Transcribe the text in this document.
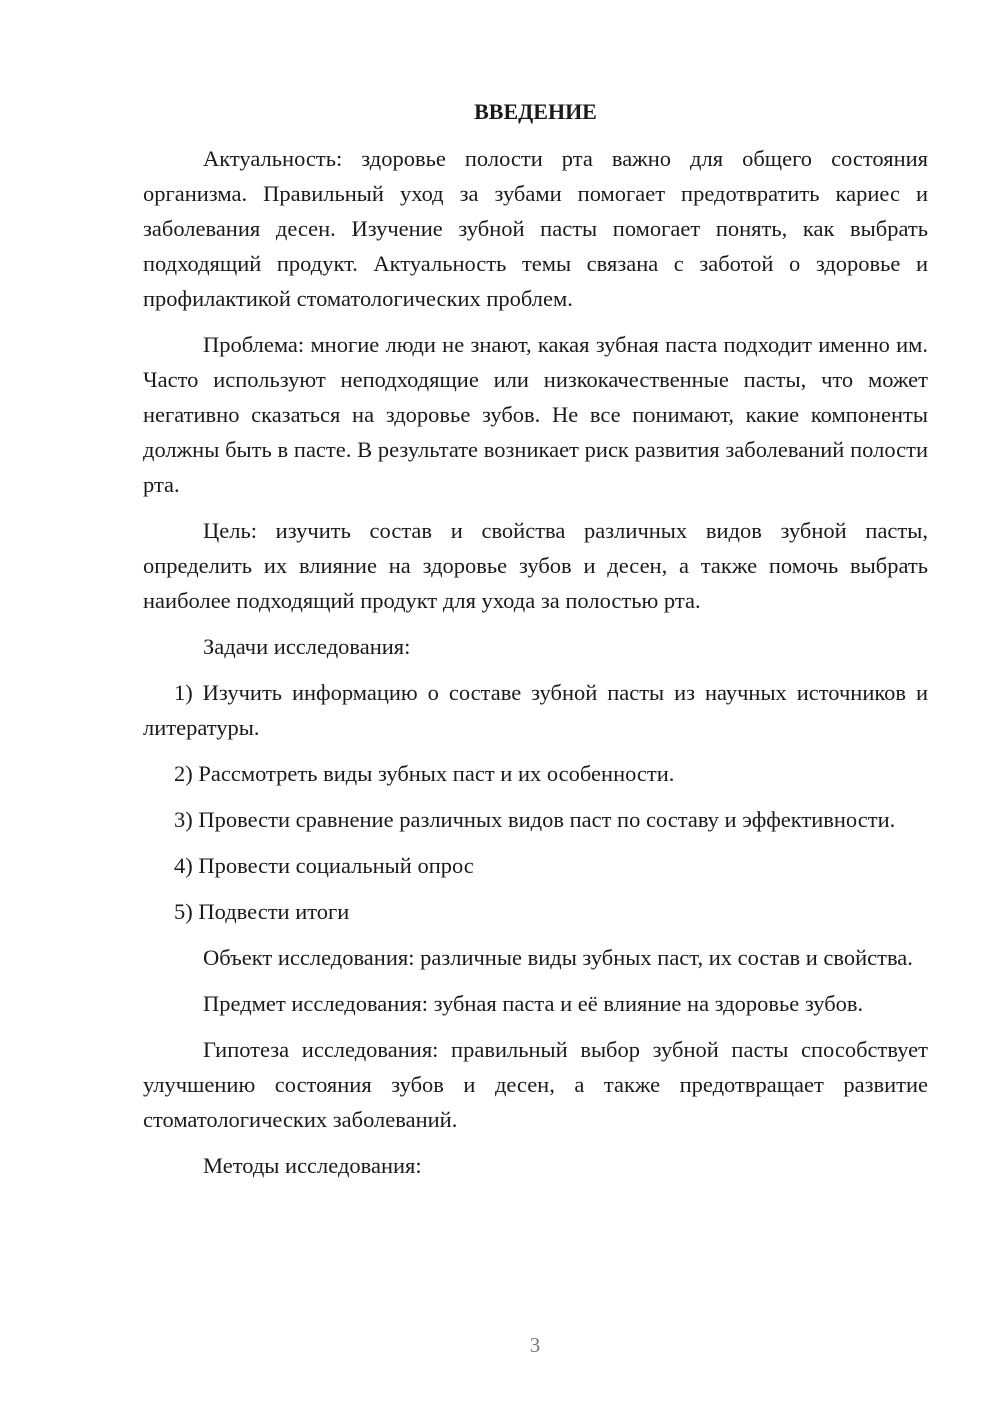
ВВЕДЕНИЕ

Актуальность: здоровье полости рта важно для общего состояния организма. Правильный уход за зубами помогает предотвратить кариес и заболевания десен. Изучение зубной пасты помогает понять, как выбрать подходящий продукт. Актуальность темы связана с заботой о здоровье и профилактикой стоматологических проблем.

Проблема: многие люди не знают, какая зубная паста подходит именно им. Часто используют неподходящие или низкокачественные пасты, что может негативно сказаться на здоровье зубов. Не все понимают, какие компоненты должны быть в пасте. В результате возникает риск развития заболеваний полости рта.

Цель: изучить состав и свойства различных видов зубной пасты, определить их влияние на здоровье зубов и десен, а также помочь выбрать наиболее подходящий продукт для ухода за полостью рта.

Задачи исследования:

1) Изучить информацию о составе зубной пасты из научных источников и литературы.

2) Рассмотреть виды зубных паст и их особенности.

3) Провести сравнение различных видов паст по составу и эффективности.

4) Провести социальный опрос

5) Подвести итоги

Объект исследования: различные виды зубных паст, их состав и свойства.

Предмет исследования: зубная паста и её влияние на здоровье зубов.

Гипотеза исследования: правильный выбор зубной пасты способствует улучшению состояния зубов и десен, а также предотвращает развитие стоматологических заболеваний.

Методы исследования:

3
